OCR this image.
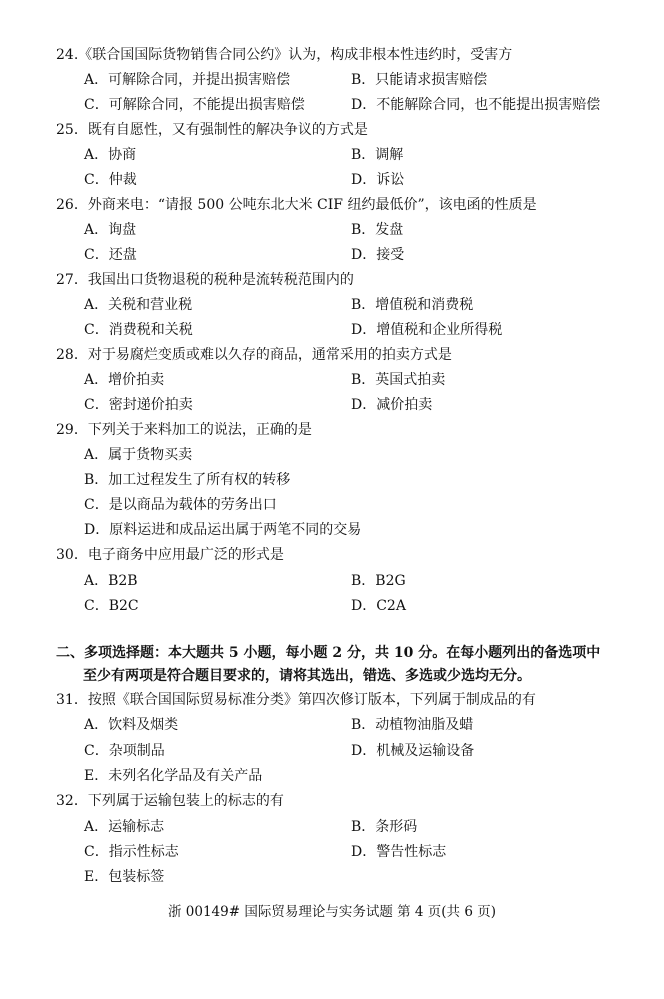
24.《联合国国际货物销售合同公约》认为，构成非根本性违约时，受害方

A．可解除合同，并提出损害赔偿	B．只能请求损害赔偿

C．可解除合同，不能提出损害赔偿	D．不能解除合同，也不能提出损害赔偿

25．既有自愿性，又有强制性的解决争议的方式是

A．协商	B．调解

C．仲裁	D．诉讼

26．外商来电：“请报 500 公吨东北大米 CIF 纽约最低价”，该电函的性质是

A．询盘	B．发盘

C．还盘	D．接受

27．我国出口货物退税的税种是流转税范围内的

A．关税和营业税	B．增值税和消费税

C．消费税和关税	D．增值税和企业所得税

28．对于易腐烂变质或难以久存的商品，通常采用的拍卖方式是

A．增价拍卖	B．英国式拍卖

C．密封递价拍卖	D．减价拍卖

29．下列关于来料加工的说法，正确的是

A．属于货物买卖

B．加工过程发生了所有权的转移

C．是以商品为载体的劳务出口

D．原料运进和成品运出属于两笔不同的交易

30．电子商务中应用最广泛的形式是

A．B2B	B．B2G

C．B2C	D．C2A

二、多项选择题：本大题共 5 小题，每小题 2 分，共 10 分。在每小题列出的备选项中

至少有两项是符合题目要求的，请将其选出，错选、多选或少选均无分。

31．按照《联合国国际贸易标准分类》第四次修订版本，下列属于制成品的有

A．饮料及烟类	B．动植物油脂及蜡

C．杂项制品	D．机械及运输设备

E．未列名化学品及有关产品

32．下列属于运输包装上的标志的有

A．运输标志	B．条形码

C．指示性标志	D．警告性标志

E．包装标签

浙 00149# 国际贸易理论与实务试题 第 4 页(共 6 页)
